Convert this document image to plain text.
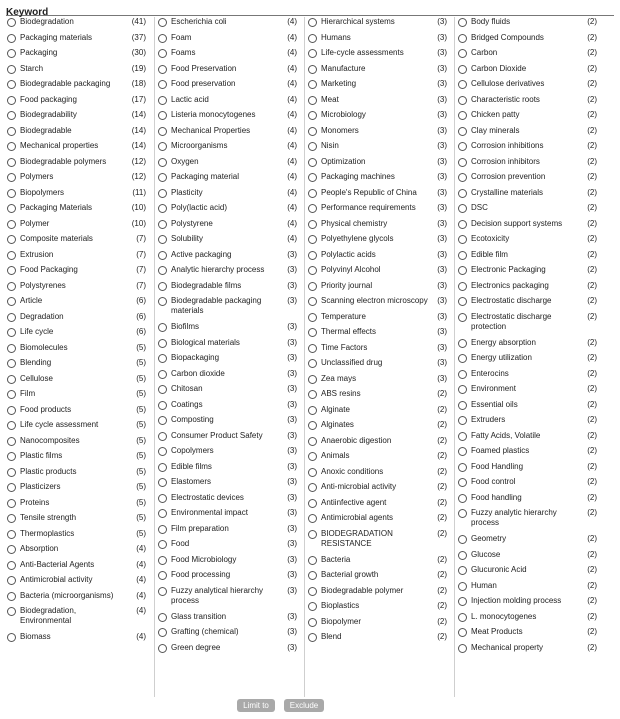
Keyword
Biodegradation	(41)
Packaging materials	(37)
Packaging	(30)
Starch	(19)
Biodegradable packaging	(18)
Food packaging	(17)
Biodegradability	(14)
Biodegradable	(14)
Mechanical properties	(14)
Biodegradable polymers	(12)
Polymers	(12)
Biopolymers	(11)
Packaging Materials	(10)
Polymer	(10)
Composite materials	(7)
Extrusion	(7)
Food Packaging	(7)
Polystyrenes	(7)
Article	(6)
Degradation	(6)
Life cycle	(6)
Biomolecules	(5)
Blending	(5)
Cellulose	(5)
Film	(5)
Food products	(5)
Life cycle assessment	(5)
Nanocomposites	(5)
Plastic films	(5)
Plastic products	(5)
Plasticizers	(5)
Proteins	(5)
Tensile strength	(5)
Thermoplastics	(5)
Absorption	(4)
Anti-Bacterial Agents	(4)
Antimicrobial activity	(4)
Bacteria (microorganisms)	(4)
Biodegradation, Environmental
(4)
Biomass	(4)
Escherichia coli	(4)
Foam	(4)
Foams	(4)
Food Preservation	(4)
Food preservation	(4)
Lactic acid	(4)
Listeria monocytogenes	(4)
Mechanical Properties	(4)
Microorganisms	(4)
Oxygen	(4)
Packaging material	(4)
Plasticity	(4)
Poly(lactic acid)	(4)
Polystyrene	(4)
Solubility	(4)
Active packaging	(3)
Analytic hierarchy process	(3)
Biodegradable films	(3)
Biodegradable packaging materials
(3)
Biofilms	(3)
Biological materials	(3)
Biopackaging	(3)
Carbon dioxide	(3)
Chitosan	(3)
Coatings	(3)
Composting	(3)
Consumer Product Safety	(3)
Copolymers	(3)
Edible films	(3)
Elastomers	(3)
Electrostatic devices	(3)
Environmental impact	(3)
Film preparation	(3)
Food	(3)
Food Microbiology	(3)
Food processing	(3)
Fuzzy analytical hierarchy process
(3)
Glass transition	(3)
Grafting (chemical)	(3)
Green degree	(3)
Hierarchical systems	(3)
Humans	(3)
Life-cycle assessments	(3)
Manufacture	(3)
Marketing	(3)
Meat	(3)
Microbiology	(3)
Monomers	(3)
Nisin	(3)
Optimization	(3)
Packaging machines	(3)
People's Republic of China	(3)
Performance requirements	(3)
Physical chemistry	(3)
Polyethylene glycols	(3)
Polylactic acids	(3)
Polyvinyl Alcohol	(3)
Priority journal	(3)
Scanning electron microscopy	(3)
Temperature	(3)
Thermal effects	(3)
Time Factors	(3)
Unclassified drug	(3)
Zea mays	(3)
ABS resins	(2)
Alginate	(2)
Alginates	(2)
Anaerobic digestion	(2)
Animals	(2)
Anoxic conditions	(2)
Anti-microbial activity	(2)
Antiinfective agent	(2)
Antimicrobial agents	(2)
BIODEGRADATION RESISTANCE
(2)
Bacteria	(2)
Bacterial growth	(2)
Biodegradable polymer	(2)
Bioplastics	(2)
Biopolymer	(2)
Blend	(2)
Body fluids	(2)
Bridged Compounds	(2)
Carbon	(2)
Carbon Dioxide	(2)
Cellulose derivatives	(2)
Characteristic roots	(2)
Chicken patty	(2)
Clay minerals	(2)
Corrosion inhibitions	(2)
Corrosion inhibitors	(2)
Corrosion prevention	(2)
Crystalline materials	(2)
DSC	(2)
Decision support systems	(2)
Ecotoxicity	(2)
Edible film	(2)
Electronic Packaging	(2)
Electronics packaging	(2)
Electrostatic discharge	(2)
Electrostatic discharge protection
(2)
Energy absorption	(2)
Energy utilization	(2)
Enterocins	(2)
Environment	(2)
Essential oils	(2)
Extruders	(2)
Fatty Acids, Volatile	(2)
Foamed plastics	(2)
Food Handling	(2)
Food control	(2)
Food handling	(2)
Fuzzy analytic hierarchy process
(2)
Geometry	(2)
Glucose	(2)
Glucuronic Acid	(2)
Human	(2)
Injection molding process	(2)
L. monocytogenes	(2)
Meat Products	(2)
Mechanical property	(2)
Limit to	Exclude
